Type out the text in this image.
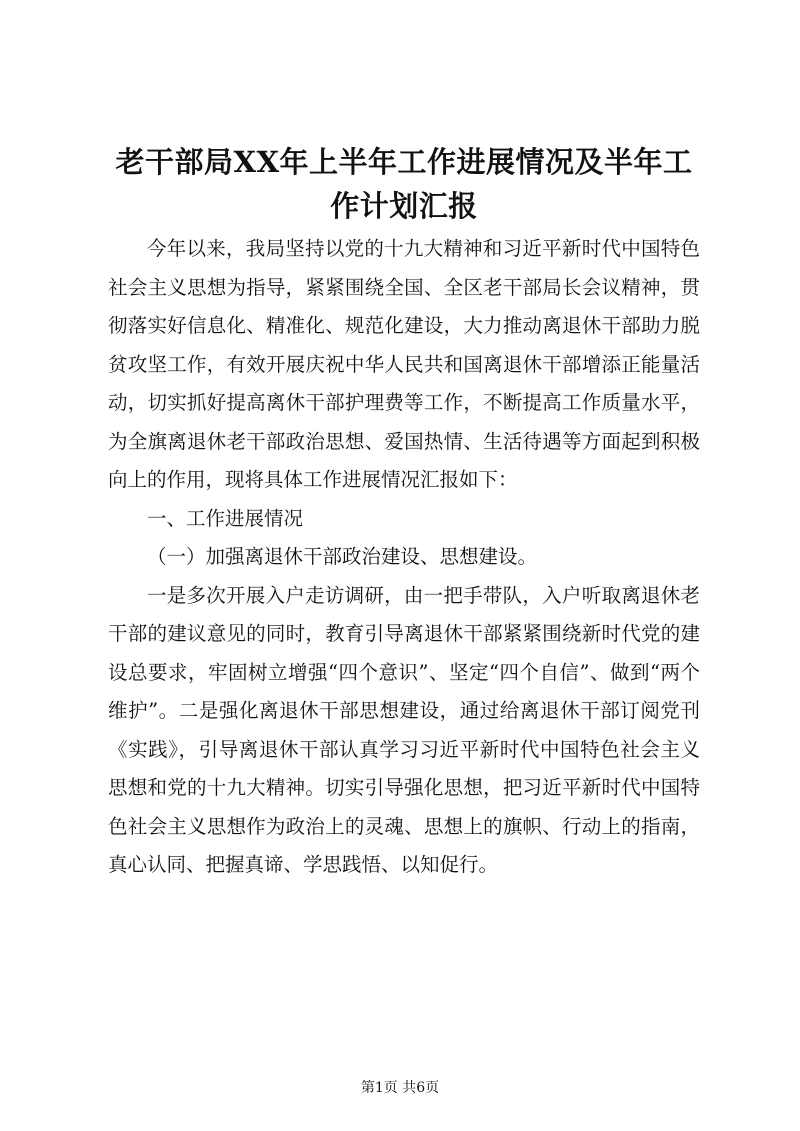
老干部局XX年上半年工作进展情况及半年工作计划汇报

今年以来，我局坚持以党的十九大精神和习近平新时代中国特色社会主义思想为指导，紧紧围绕全国、全区老干部局长会议精神，贯彻落实好信息化、精准化、规范化建设，大力推动离退休干部助力脱贫攻坚工作，有效开展庆祝中华人民共和国离退休干部增添正能量活动，切实抓好提高离休干部护理费等工作，不断提高工作质量水平，为全旗离退休老干部政治思想、爱国热情、生活待遇等方面起到积极向上的作用，现将具体工作进展情况汇报如下：

一、工作进展情况

（一）加强离退休干部政治建设、思想建设。

一是多次开展入户走访调研，由一把手带队，入户听取离退休老干部的建议意见的同时，教育引导离退休干部紧紧围绕新时代党的建设总要求，牢固树立增强“四个意识”、坚定“四个自信”、做到“两个维护”。二是强化离退休干部思想建设，通过给离退休干部订阅党刊《实践》，引导离退休干部认真学习习近平新时代中国特色社会主义思想和党的十九大精神。切实引导强化思想，把习近平新时代中国特色社会主义思想作为政治上的灵魂、思想上的旗帜、行动上的指南，真心认同、把握真谛、学思践悟、以知促行。

第1页 共6页
